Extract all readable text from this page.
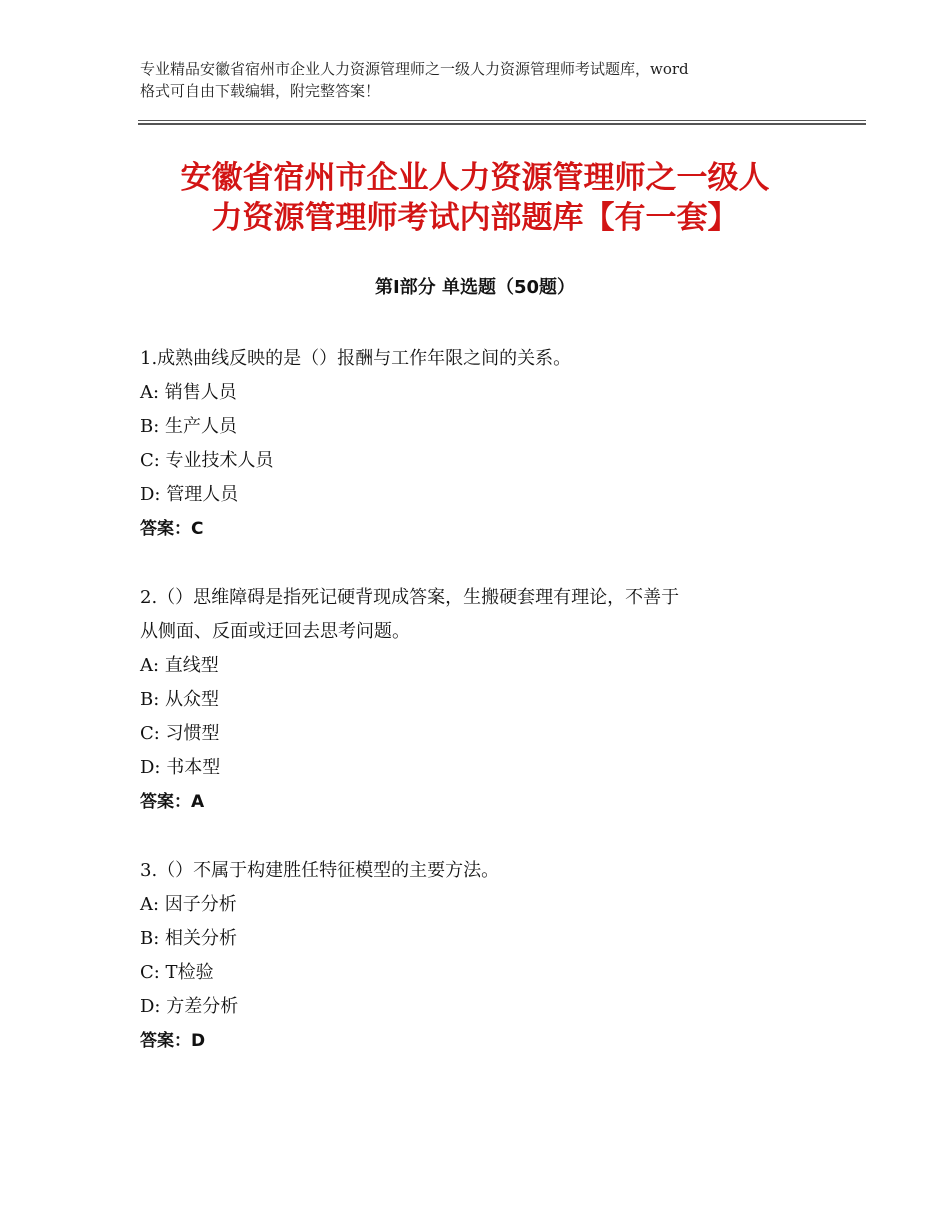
专业精品安徽省宿州市企业人力资源管理师之一级人力资源管理师考试题库，word
格式可自由下载编辑，附完整答案！
安徽省宿州市企业人力资源管理师之一级人
力资源管理师考试内部题库【有一套】
第Ⅰ部分 单选题（50题）

1.成熟曲线反映的是（）报酬与工作年限之间的关系。

A: 销售人员

B: 生产人员

C: 专业技术人员

D: 管理人员

答案：C

2.（）思维障碍是指死记硬背现成答案，生搬硬套理有理论，不善于

从侧面、反面或迂回去思考问题。

A: 直线型

B: 从众型

C: 习惯型

D: 书本型

答案：A

3.（）不属于构建胜任特征模型的主要方法。

A: 因子分析

B: 相关分析

C: T检验

D: 方差分析

答案：D
